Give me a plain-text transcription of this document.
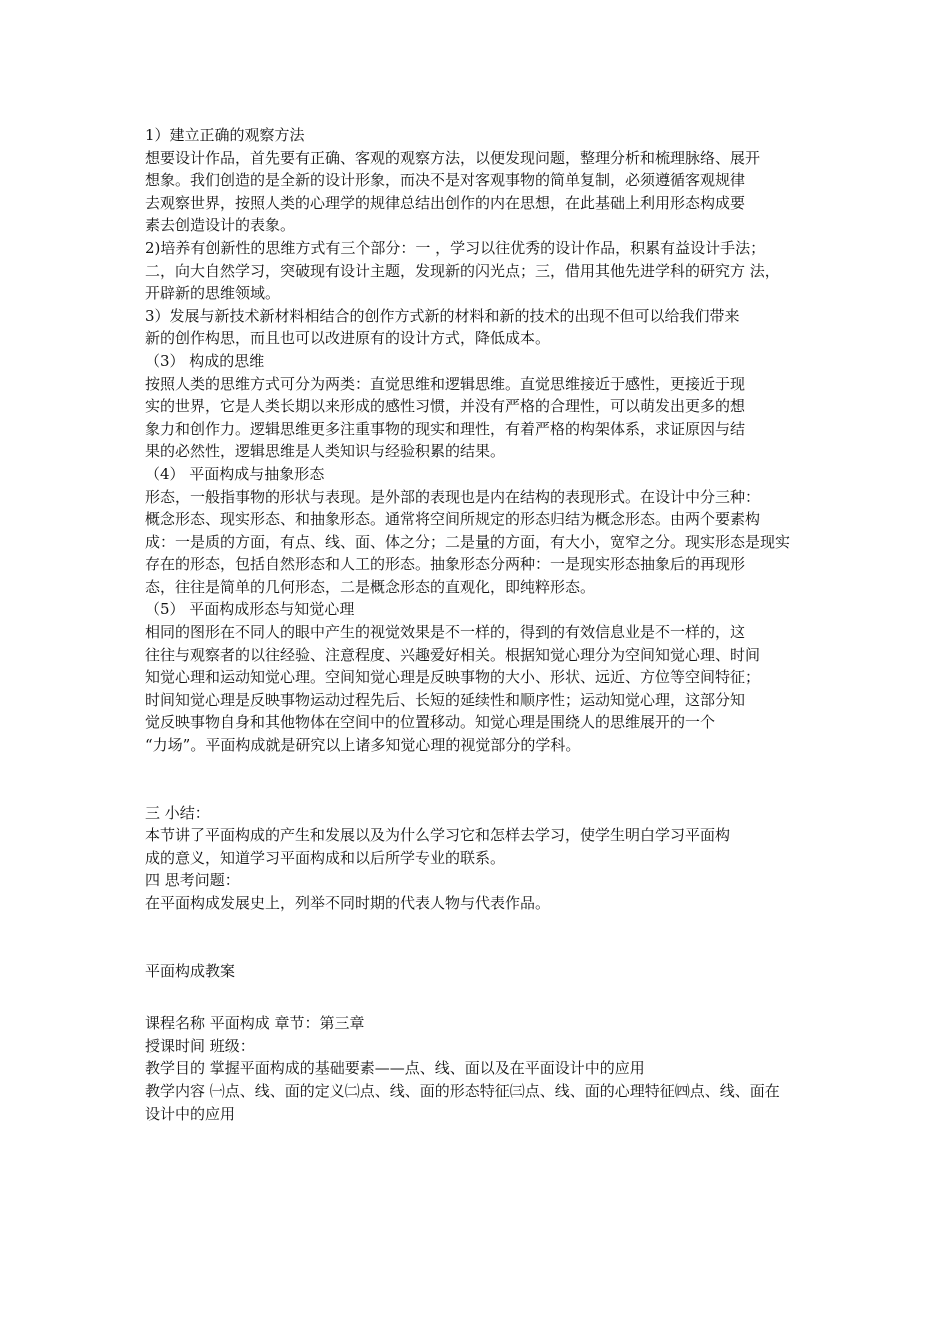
1）建立正确的观察方法

想要设计作品，首先要有正确、客观的观察方法，以便发现问题，整理分析和梳理脉络、展开

想象。我们创造的是全新的设计形象，而决不是对客观事物的简单复制，必须遵循客观规律

去观察世界，按照人类的心理学的规律总结出创作的内在思想，在此基础上利用形态构成要

素去创造设计的表象。

2)培养有创新性的思维方式有三个部分：一 ，学习以往优秀的设计作品，积累有益设计手法；

二，向大自然学习，突破现有设计主题，发现新的闪光点；三，借用其他先进学科的研究方 法，

开辟新的思维领域。

3）发展与新技术新材料相结合的创作方式新的材料和新的技术的出现不但可以给我们带来

新的创作构思，而且也可以改进原有的设计方式，降低成本。

（3） 构成的思维

按照人类的思维方式可分为两类：直觉思维和逻辑思维。直觉思维接近于感性，更接近于现

实的世界，它是人类长期以来形成的感性习惯，并没有严格的合理性，可以萌发出更多的想

象力和创作力。逻辑思维更多注重事物的现实和理性，有着严格的构架体系，求证原因与结

果的必然性，逻辑思维是人类知识与经验积累的结果。

（4） 平面构成与抽象形态

形态，一般指事物的形状与表现。是外部的表现也是内在结构的表现形式。在设计中分三种：

概念形态、现实形态、和抽象形态。通常将空间所规定的形态归结为概念形态。由两个要素构

成：一是质的方面，有点、线、面、体之分；二是量的方面，有大小，宽窄之分。现实形态是现实

存在的形态，包括自然形态和人工的形态。抽象形态分两种：一是现实形态抽象后的再现形

态，往往是简单的几何形态，二是概念形态的直观化，即纯粹形态。

（5） 平面构成形态与知觉心理

相同的图形在不同人的眼中产生的视觉效果是不一样的，得到的有效信息业是不一样的，这

往往与观察者的以往经验、注意程度、兴趣爱好相关。根据知觉心理分为空间知觉心理、时间

知觉心理和运动知觉心理。空间知觉心理是反映事物的大小、形状、远近、方位等空间特征；

时间知觉心理是反映事物运动过程先后、长短的延续性和顺序性；运动知觉心理，这部分知

觉反映事物自身和其他物体在空间中的位置移动。知觉心理是围绕人的思维展开的一个

“力场”。平面构成就是研究以上诸多知觉心理的视觉部分的学科。

三 小结：

本节讲了平面构成的产生和发展以及为什么学习它和怎样去学习，使学生明白学习平面构

成的意义，知道学习平面构成和以后所学专业的联系。

四 思考问题：

在平面构成发展史上，列举不同时期的代表人物与代表作品。

平面构成教案

课程名称 平面构成 章节：第三章

授课时间 班级：

教学目的 掌握平面构成的基础要素——点、线、面以及在平面设计中的应用

教学内容 ㈠点、线、面的定义㈡点、线、面的形态特征㈢点、线、面的心理特征㈣点、线、面在

设计中的应用
